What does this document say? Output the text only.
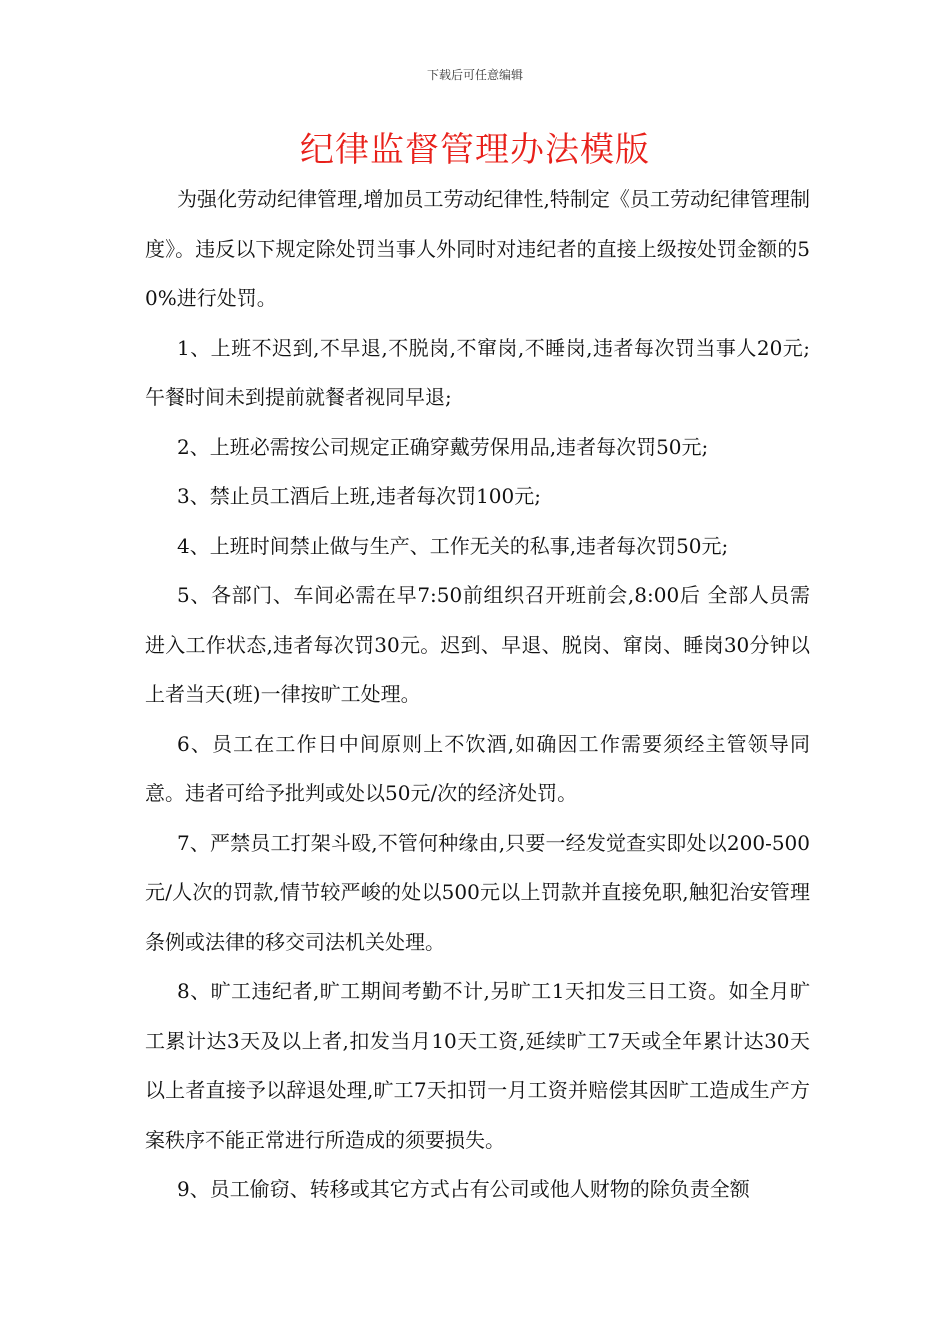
下载后可任意编辑
纪律监督管理办法模版

为强化劳动纪律管理,增加员工劳动纪律性,特制定《员工劳动纪律管理制度》。违反以下规定除处罚当事人外同时对违纪者的直接上级按处罚金额的50%进行处罚。

1、上班不迟到,不早退,不脱岗,不窜岗,不睡岗,违者每次罚当事人20元;午餐时间未到提前就餐者视同早退;

2、上班必需按公司规定正确穿戴劳保用品,违者每次罚50元;

3、禁止员工酒后上班,违者每次罚100元;

4、上班时间禁止做与生产、工作无关的私事,违者每次罚50元;

5、各部门、车间必需在早7:50前组织召开班前会,8:00后 全部人员需进入工作状态,违者每次罚30元。迟到、早退、脱岗、窜岗、睡岗30分钟以上者当天(班)一律按旷工处理。

6、员工在工作日中间原则上不饮酒,如确因工作需要须经主管领导同意。违者可给予批判或处以50元/次的经济处罚。

7、严禁员工打架斗殴,不管何种缘由,只要一经发觉查实即处以200-500元/人次的罚款,情节较严峻的处以500元以上罚款并直接免职,触犯治安管理条例或法律的移交司法机关处理。

8、旷工违纪者,旷工期间考勤不计,另旷工1天扣发三日工资。如全月旷工累计达3天及以上者,扣发当月10天工资,延续旷工7天或全年累计达30天以上者直接予以辞退处理,旷工7天扣罚一月工资并赔偿其因旷工造成生产方案秩序不能正常进行所造成的须要损失。

9、员工偷窃、转移或其它方式占有公司或他人财物的除负责全额
